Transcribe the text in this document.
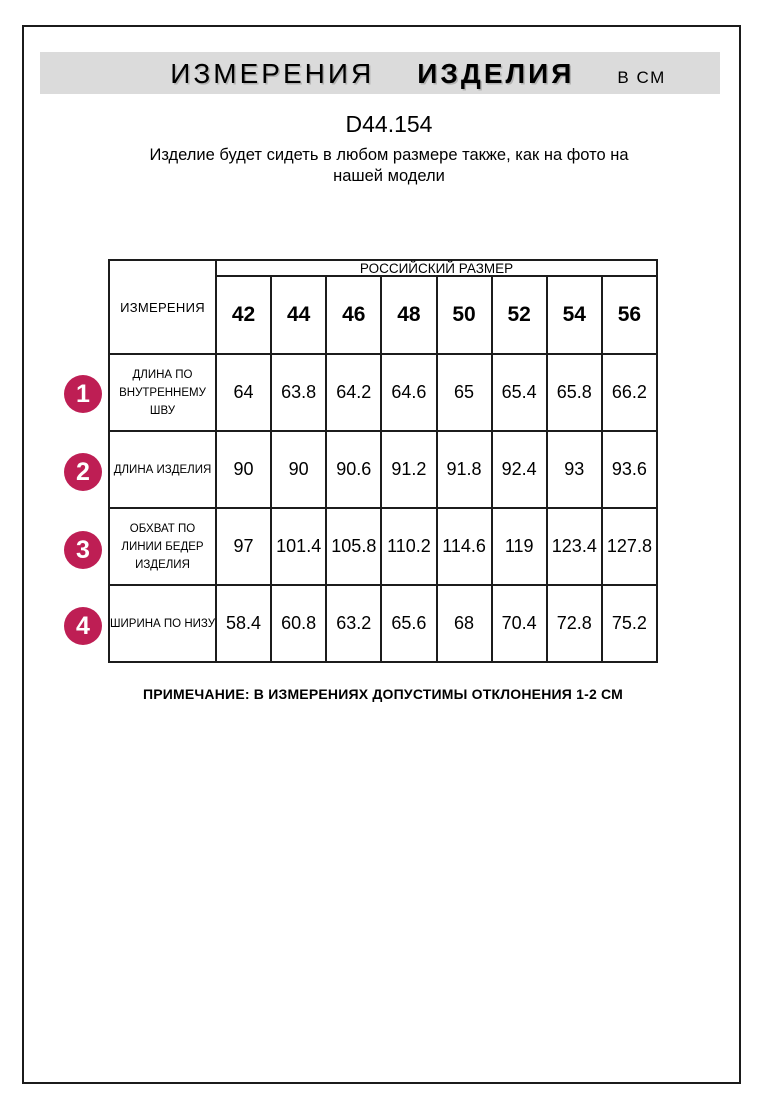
ИЗМЕРЕНИЯ ИЗДЕЛИЯ	В СМ
D44.154
Изделие будет сидеть в любом размере также, как на фото на нашей модели
ИЗМЕРЕНИЯ	РОССИЙСКИЙ РАЗМЕР							
	42	44	46	48	50	52	54	56
ДЛИНА ПО ВНУТРЕННЕМУ ШВУ	64	63.8	64.2	64.6	65	65.4	65.8	66.2
ДЛИНА ИЗДЕЛИЯ	90	90	90.6	91.2	91.8	92.4	93	93.6
ОБХВАТ ПО ЛИНИИ БЕДЕР ИЗДЕЛИЯ	97	101.4	105.8	110.2	114.6	119	123.4	127.8
ШИРИНА ПО НИЗУ	58.4	60.8	63.2	65.6	68	70.4	72.8	75.2
1
2
3
4
ПРИМЕЧАНИЕ: В ИЗМЕРЕНИЯХ ДОПУСТИМЫ ОТКЛОНЕНИЯ 1-2 СМ
